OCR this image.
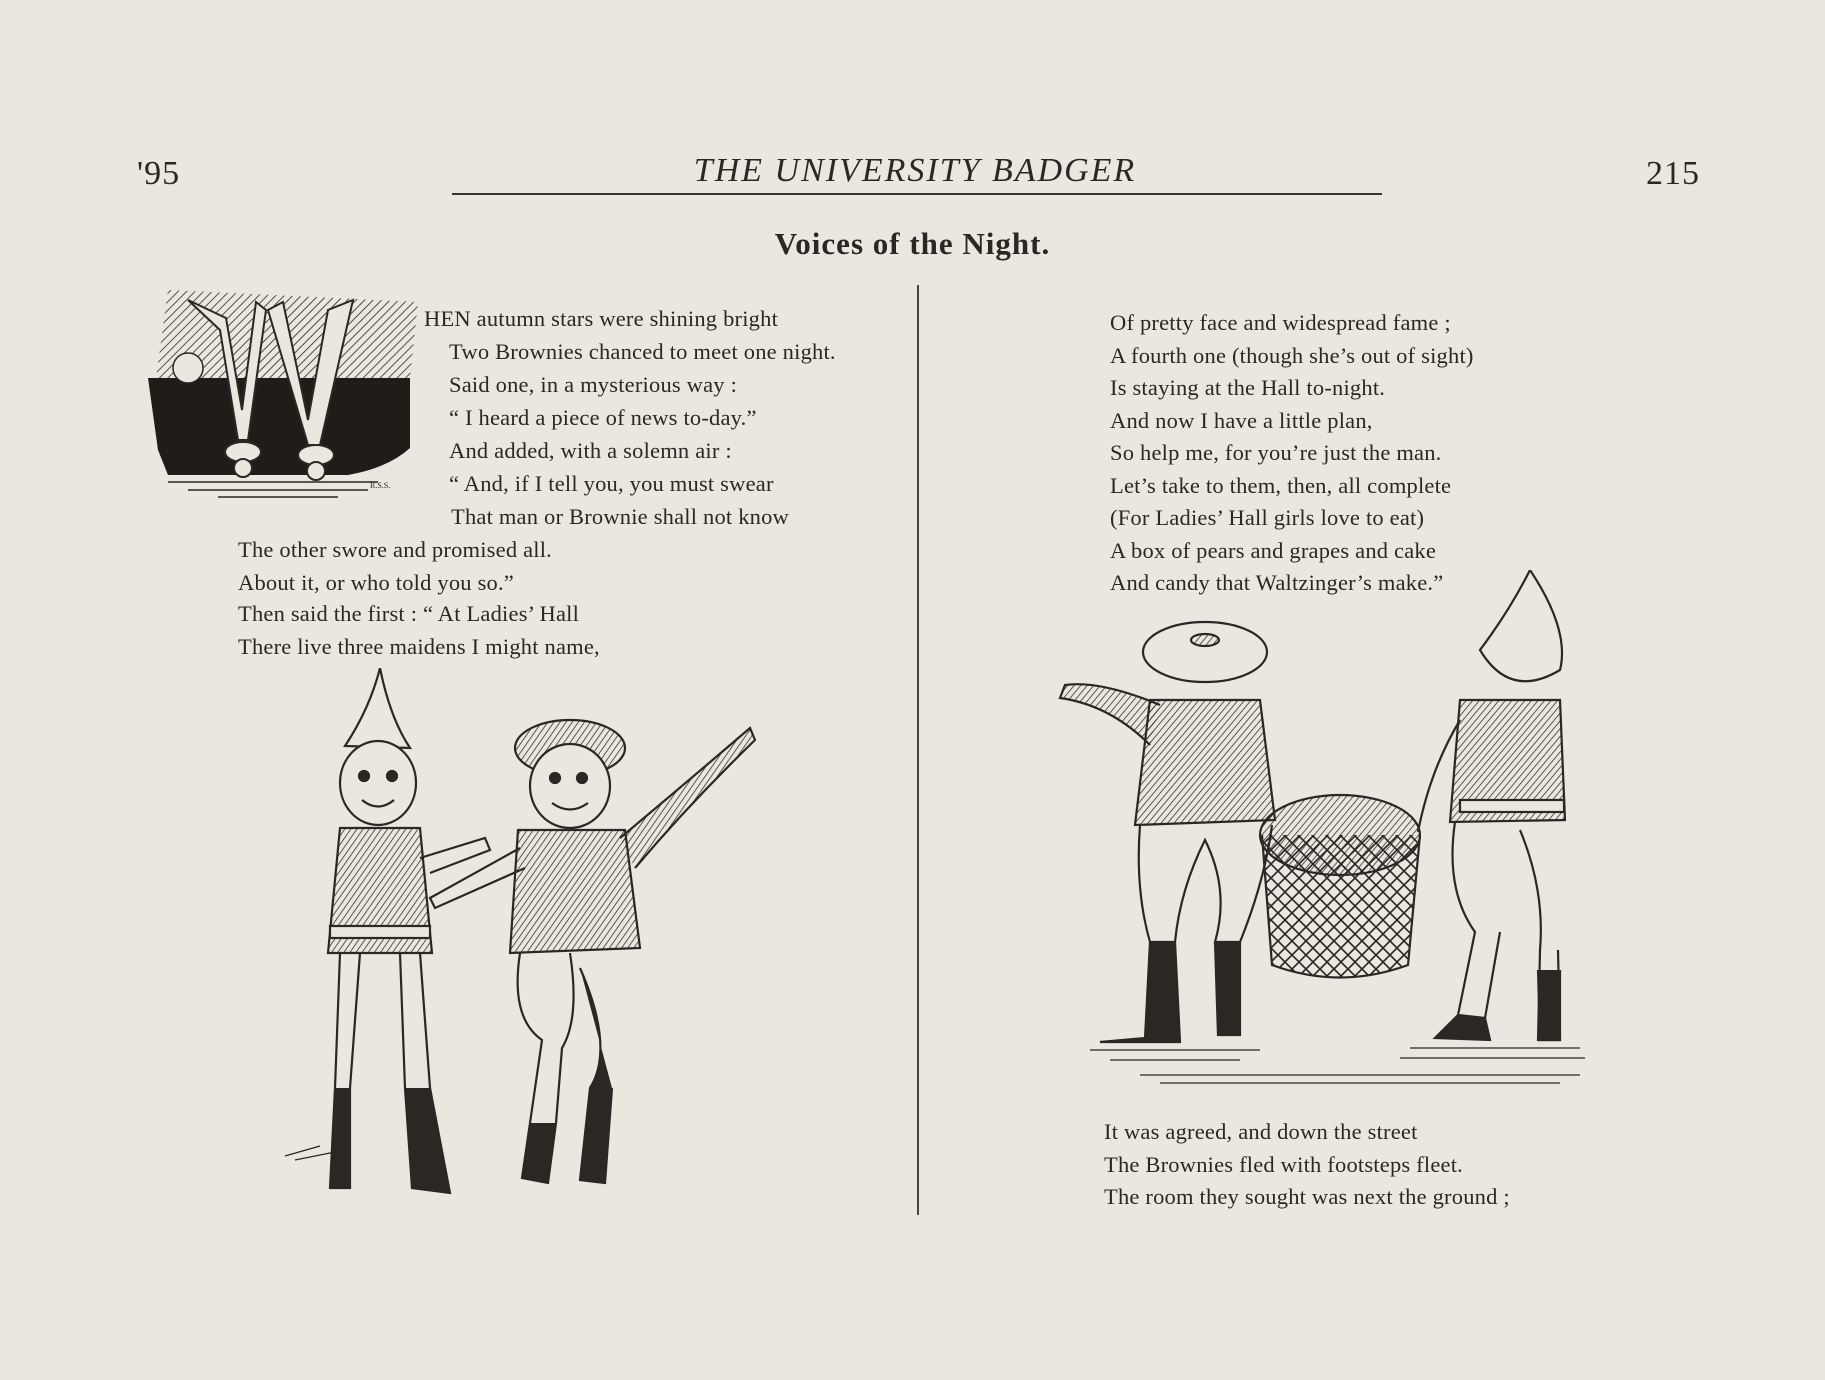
'95	THE UNIVERSITY BADGER	215
Voices of the Night.
R.S.S.
HEN autumn stars were shining bright
Two Brownies chanced to meet one night.
Said one, in a mysterious way :
“ I heard a piece of news to-day.”
And added, with a solemn air :
“ And, if I tell you, you must swear
That man or Brownie shall not know
The other swore and promised all.
About it, or who told you so.”
Then said the first : “ At Ladies’ Hall
There live three maidens I might name,
Of pretty face and widespread fame ;
A fourth one (though she’s out of sight)
Is staying at the Hall to-night.
And now I have a little plan,
So help me, for you’re just the man.
Let’s take to them, then, all complete
(For Ladies’ Hall girls love to eat)
A box of pears and grapes and cake
And candy that Waltzinger’s make.”
It was agreed, and down the street
The Brownies fled with footsteps fleet.
The room they sought was next the ground ;
